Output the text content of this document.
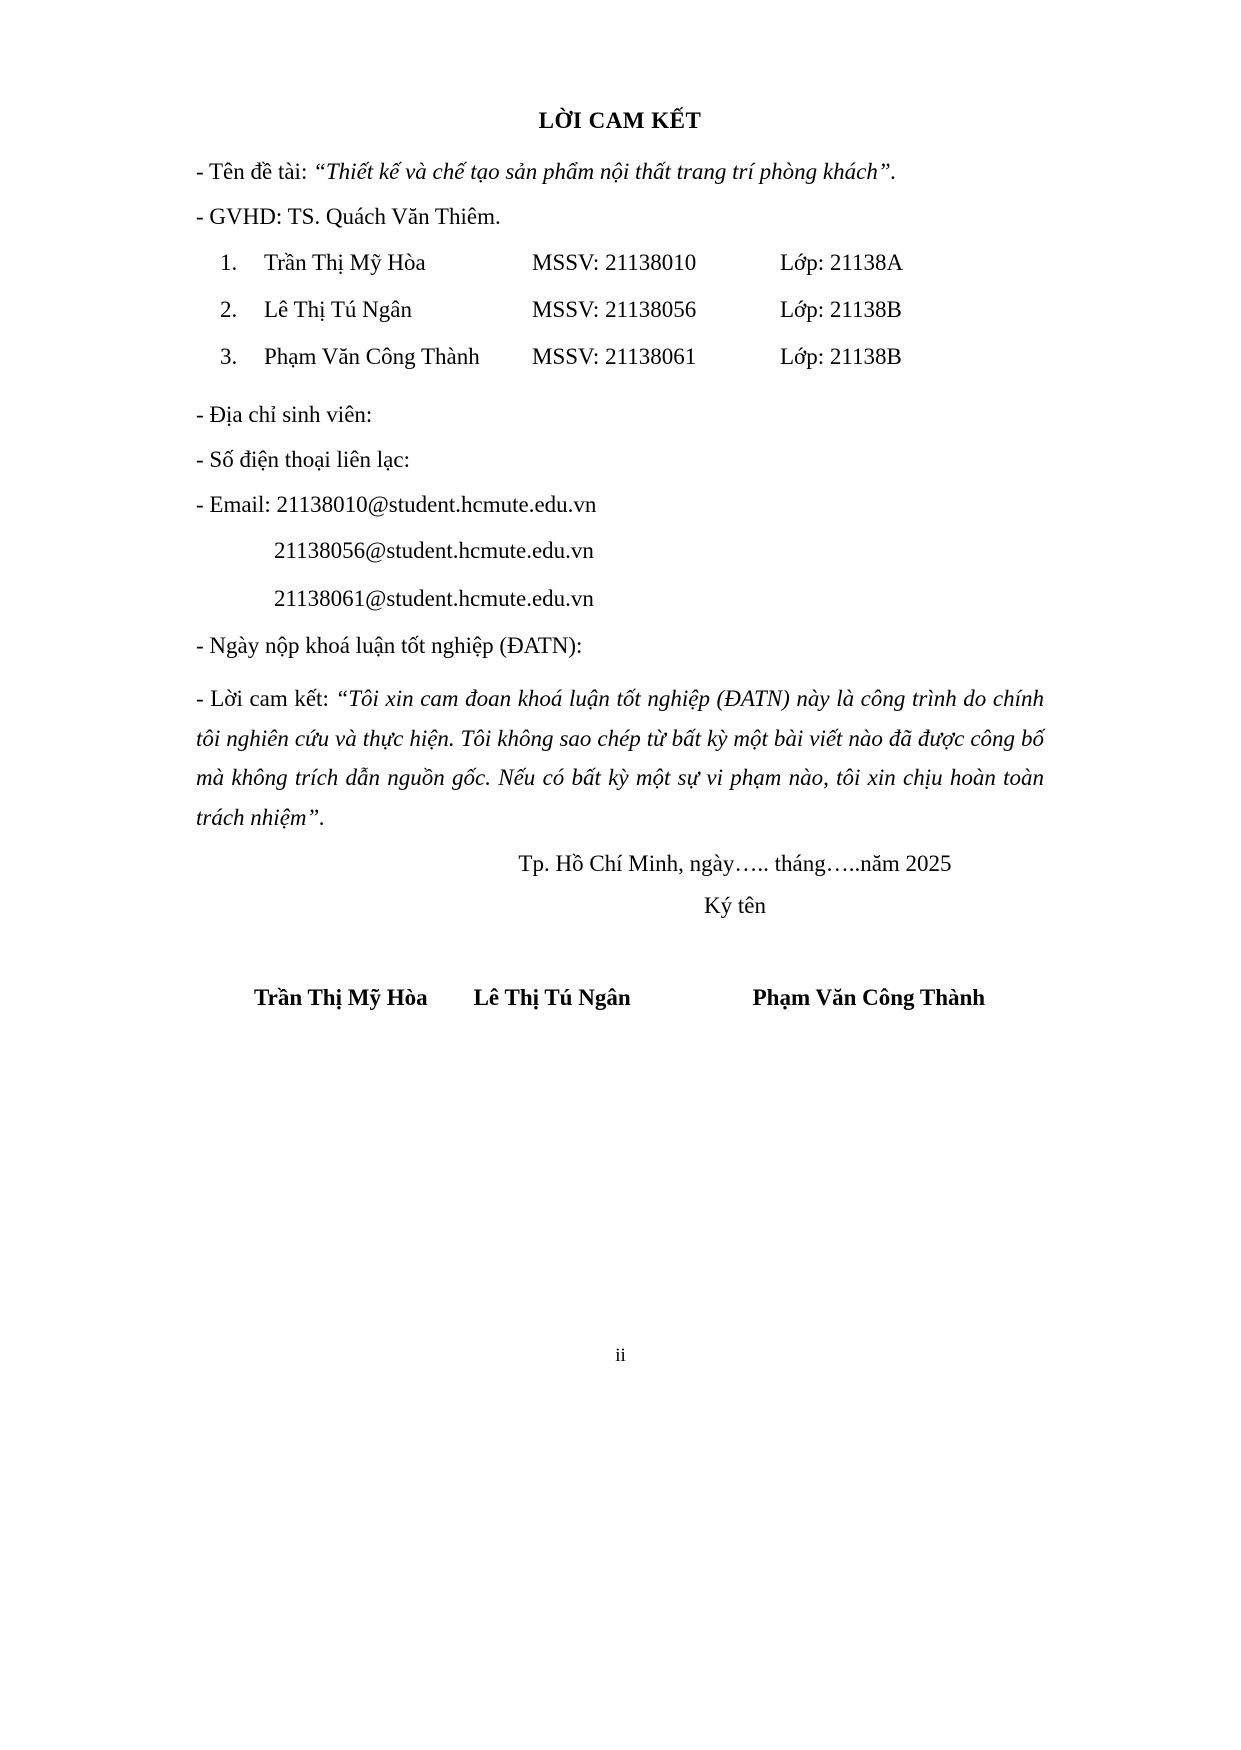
LỜI CAM KẾT

- Tên đề tài: “Thiết kế và chế tạo sản phẩm nội thất trang trí phòng khách”.

- GVHD: TS. Quách Văn Thiêm.

1.	Trần Thị Mỹ Hòa	MSSV: 21138010	Lớp: 21138A
2.	Lê Thị Tú Ngân	MSSV: 21138056	Lớp: 21138B
3.	Phạm Văn Công Thành	MSSV: 21138061	Lớp: 21138B

- Địa chỉ sinh viên:

- Số điện thoại liên lạc:

- Email: 21138010@student.hcmute.edu.vn

21138056@student.hcmute.edu.vn

21138061@student.hcmute.edu.vn

- Ngày nộp khoá luận tốt nghiệp (ĐATN):

- Lời cam kết: “Tôi xin cam đoan khoá luận tốt nghiệp (ĐATN) này là công trình do chính tôi nghiên cứu và thực hiện. Tôi không sao chép từ bất kỳ một bài viết nào đã được công bố mà không trích dẫn nguồn gốc. Nếu có bất kỳ một sự vi phạm nào, tôi xin chịu hoàn toàn trách nhiệm”.

Tp. Hồ Chí Minh, ngày….. tháng…..năm 2025

Ký tên

Trần Thị Mỹ Hòa Lê Thị Tú Ngân	Phạm Văn Công Thành
ii
